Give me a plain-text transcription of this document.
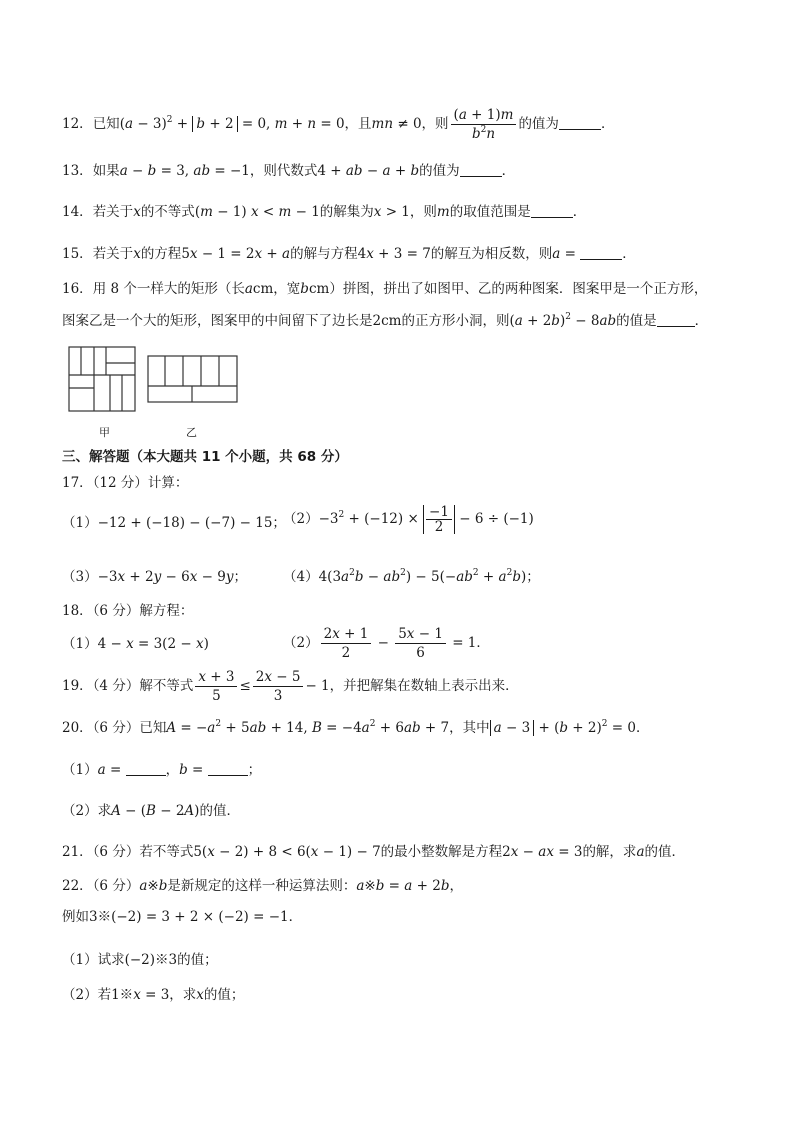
12．已知$(a - 3)^2 + b + 2 = 0$, m + n = 0，且mn ≠ 0，则 $\frac{(a + 1)m}{b^2n}$ 的值为	．
13．如果a − b = 3, ab = −1，则代数式4 + ab − a + b的值为	．
14．若关于x的不等式(m − 1) x < m − 1的解集为x > 1，则m的取值范围是	．
15．若关于x的方程5x − 1 = 2x + a的解与方程4x + 3 = 7的解互为相反数，则a =	．
16．用 8 个一样大的矩形（长acm，宽bcm）拼图，拼出了如图甲、乙的两种图案．图案甲是一个正方形，
图案乙是一个大的矩形，图案甲的中间留下了边长是2cm的正方形小洞，则$(a + 2b)^2 - 8ab$的值是	．
甲	乙
三、解答题（本大题共 11 个小题，共 68 分）
17．（12 分）计算：
（1）−12 + (−18) − (−7) − 15；
$(2)-3^2 + (-12) \times \frac{-1}{2} - 6 \div (-1)$
（3）−3x + 2y − 6x − 9y；	$(4)4(3a^2b - ab^2) - 5(-ab^2 + a^2b)$；
18．（6 分）解方程：
（1）4 − x = 3(2 − x)	$(2) \frac{2x + 1}{2} - \frac{5x - 1}{6} = 1$．
19．（4 分）解不等式 $\frac{x + 3}{5} \le \frac{2x - 5}{3} - 1$，并把解集在数轴上表示出来．
20．（6 分）已知$A = -a^2 + 5ab + 14$, $B = -4a^2 + 6ab + 7$，其中 $a - 3 + (b + 2)^2 = 0$．
（1）a =	，b =	；
（2）求A − (B − 2A)的值．
21．（6 分）若不等式5(x − 2) + 8 < 6(x − 1) − 7的最小整数解是方程2x − ax = 3的解，求a的值．
22．（6 分）a※b是新规定的这样一种运算法则：a※b = a + 2b，
例如3※(−2) = 3 + 2 × (−2) = −1．
（1）试求(−2)※3的值；
（2）若1※x = 3，求x的值；
